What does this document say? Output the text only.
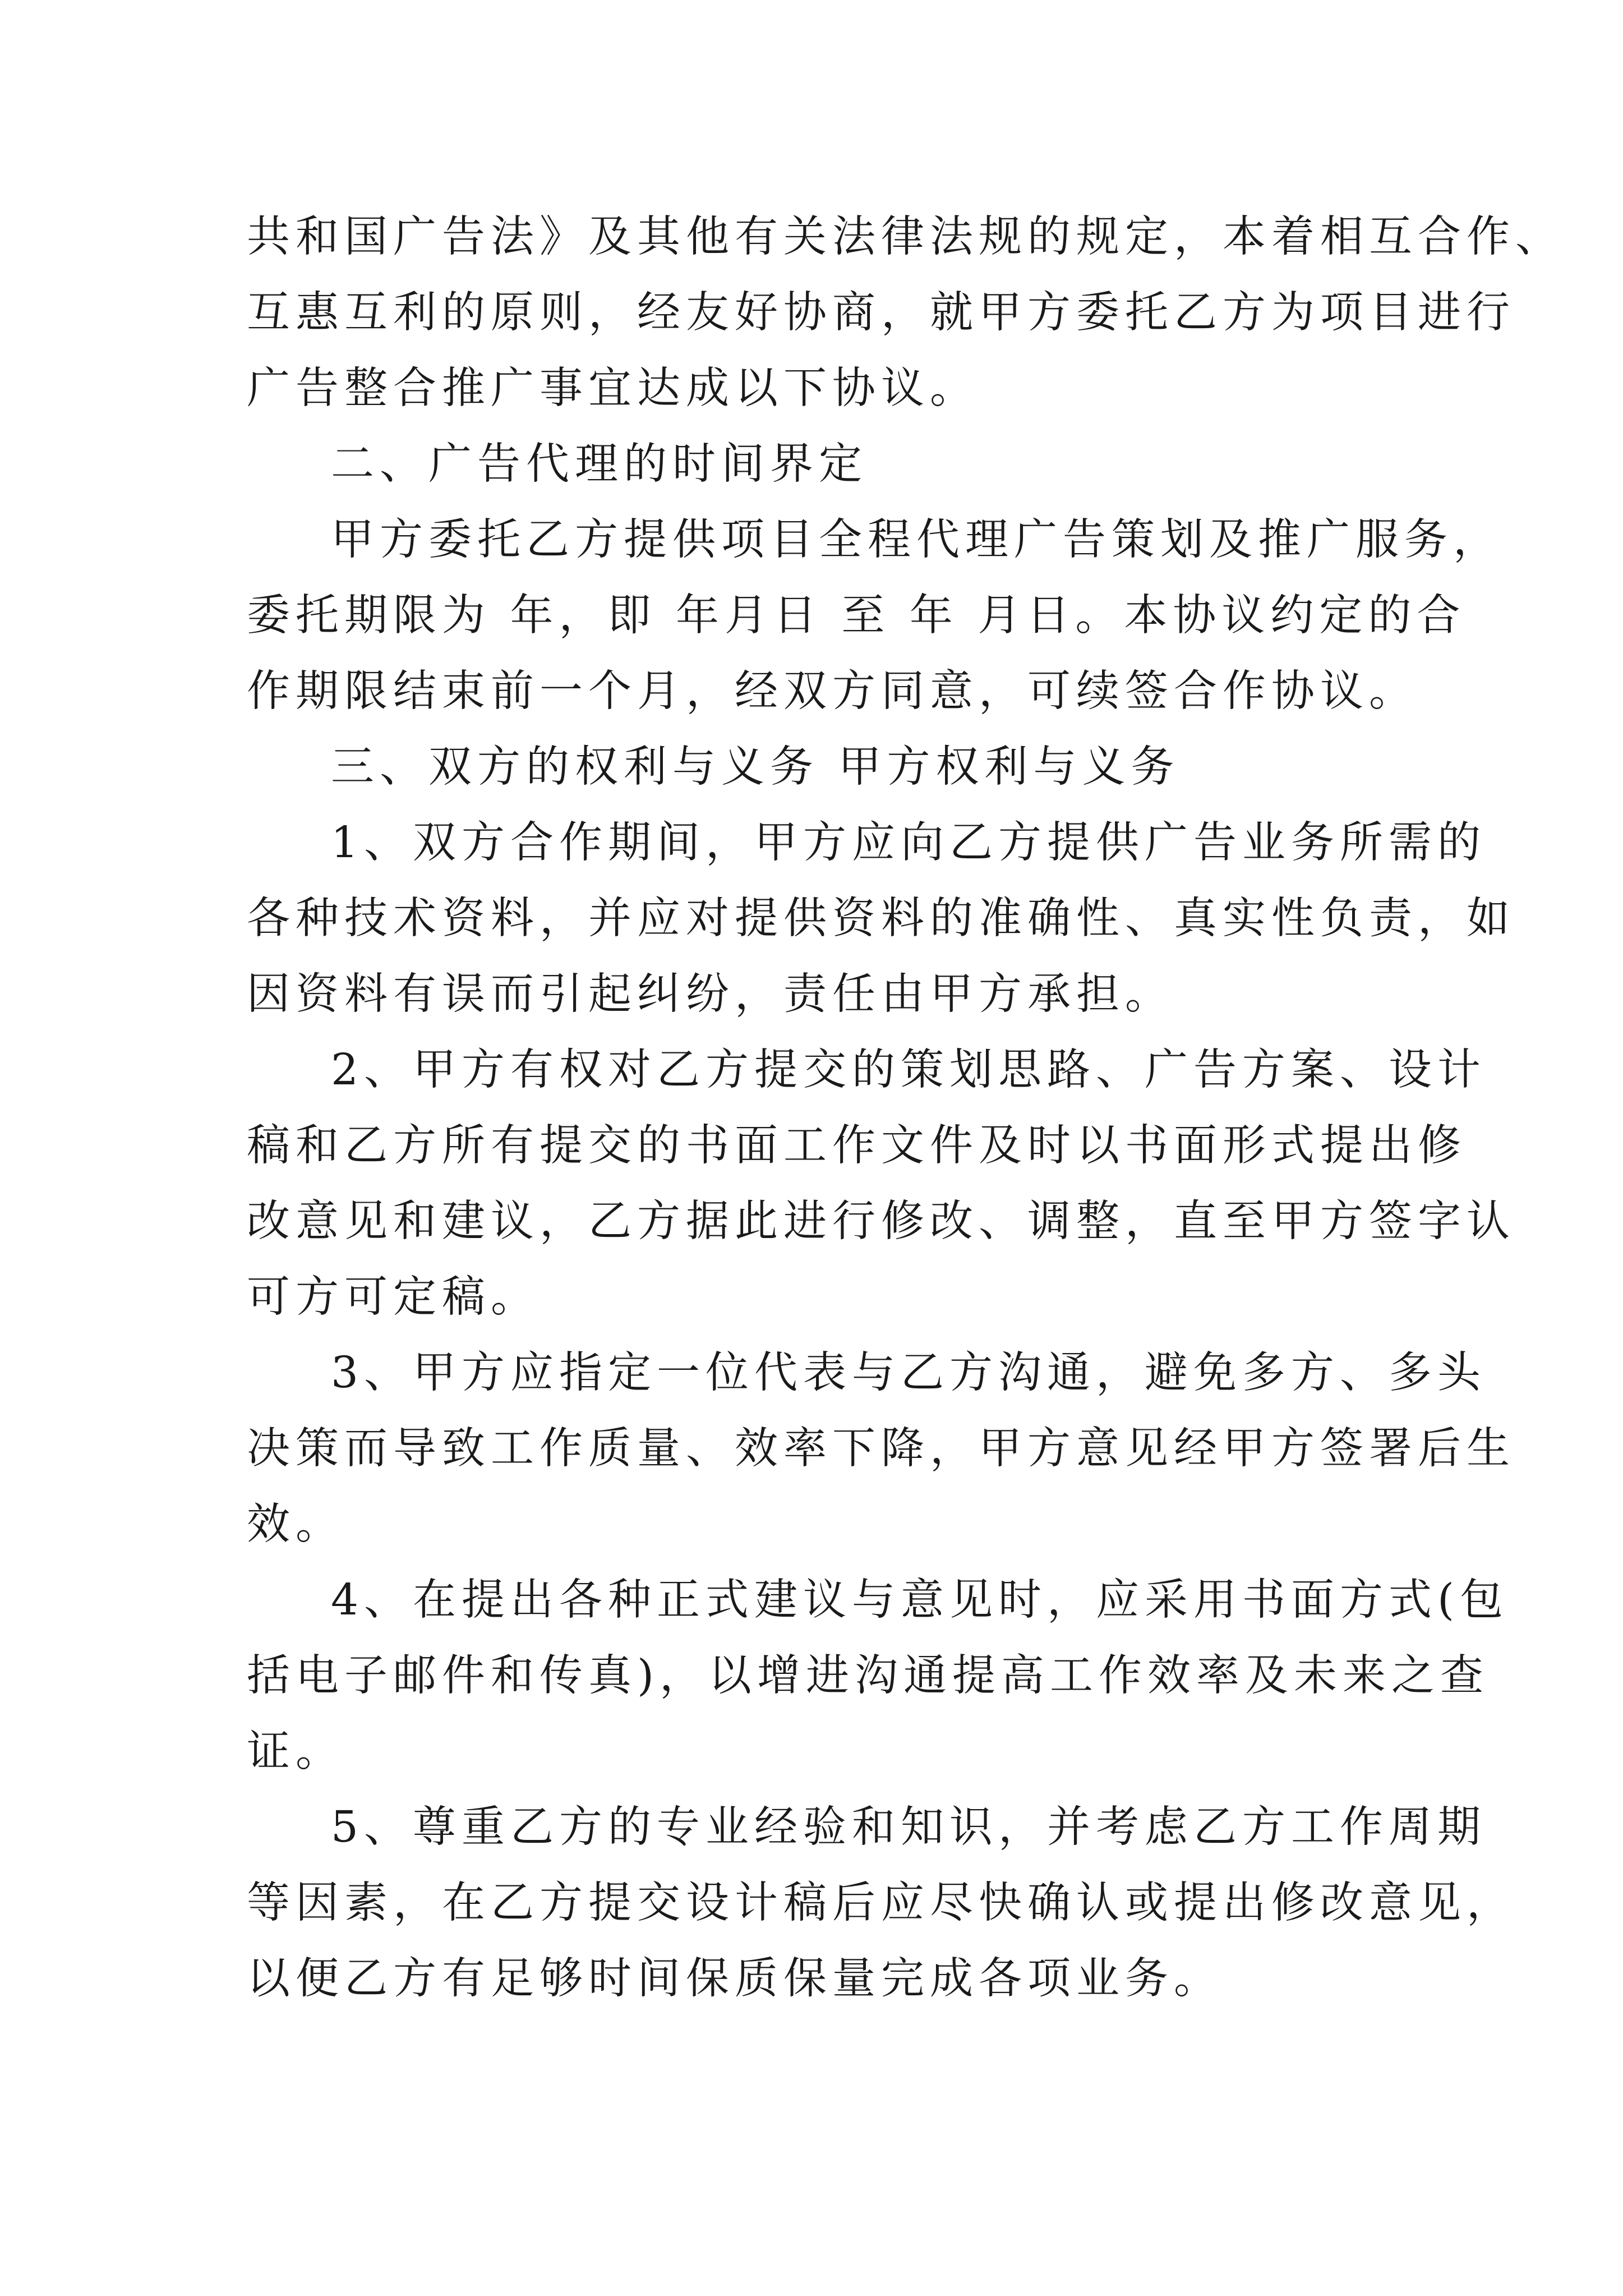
共和国广告法》及其他有关法律法规的规定，本着相互合作、
互惠互利的原则，经友好协商，就甲方委托乙方为项目进行
广告整合推广事宜达成以下协议。
二、广告代理的时间界定
甲方委托乙方提供项目全程代理广告策划及推广服务，
委托期限为 年，即 年月日 至 年 月日。本协议约定的合
作期限结束前一个月，经双方同意，可续签合作协议。
三、双方的权利与义务 甲方权利与义务
1、双方合作期间，甲方应向乙方提供广告业务所需的
各种技术资料，并应对提供资料的准确性、真实性负责，如
因资料有误而引起纠纷，责任由甲方承担。
2、甲方有权对乙方提交的策划思路、广告方案、设计
稿和乙方所有提交的书面工作文件及时以书面形式提出修
改意见和建议，乙方据此进行修改、调整，直至甲方签字认
可方可定稿。
3、甲方应指定一位代表与乙方沟通，避免多方、多头
决策而导致工作质量、效率下降，甲方意见经甲方签署后生
效。
4、在提出各种正式建议与意见时，应采用书面方式(包
括电子邮件和传真)，以增进沟通提高工作效率及未来之查
证。
5、尊重乙方的专业经验和知识，并考虑乙方工作周期
等因素，在乙方提交设计稿后应尽快确认或提出修改意见，
以便乙方有足够时间保质保量完成各项业务。
